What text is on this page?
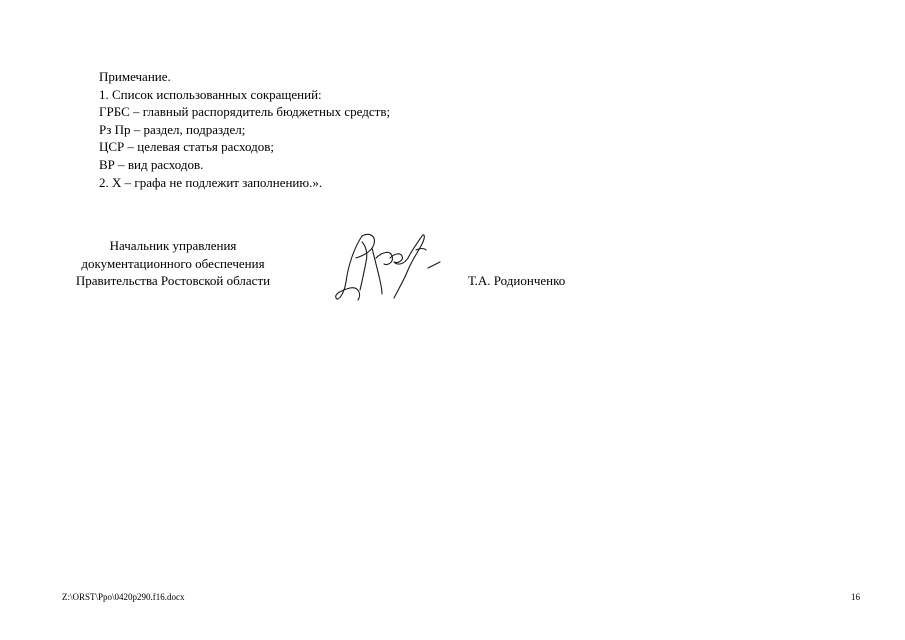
Примечание.
1. Список использованных сокращений:
ГРБС – главный распорядитель бюджетных средств;
Рз Пр – раздел, подраздел;
ЦСР – целевая статья расходов;
ВР – вид расходов.
2. Х – графа не подлежит заполнению.».
Начальник управления
документационного обеспечения
Правительства Ростовской области	Т.А. Родионченко
Z:\ORST\Ppo\0420p290.f16.docx	16
